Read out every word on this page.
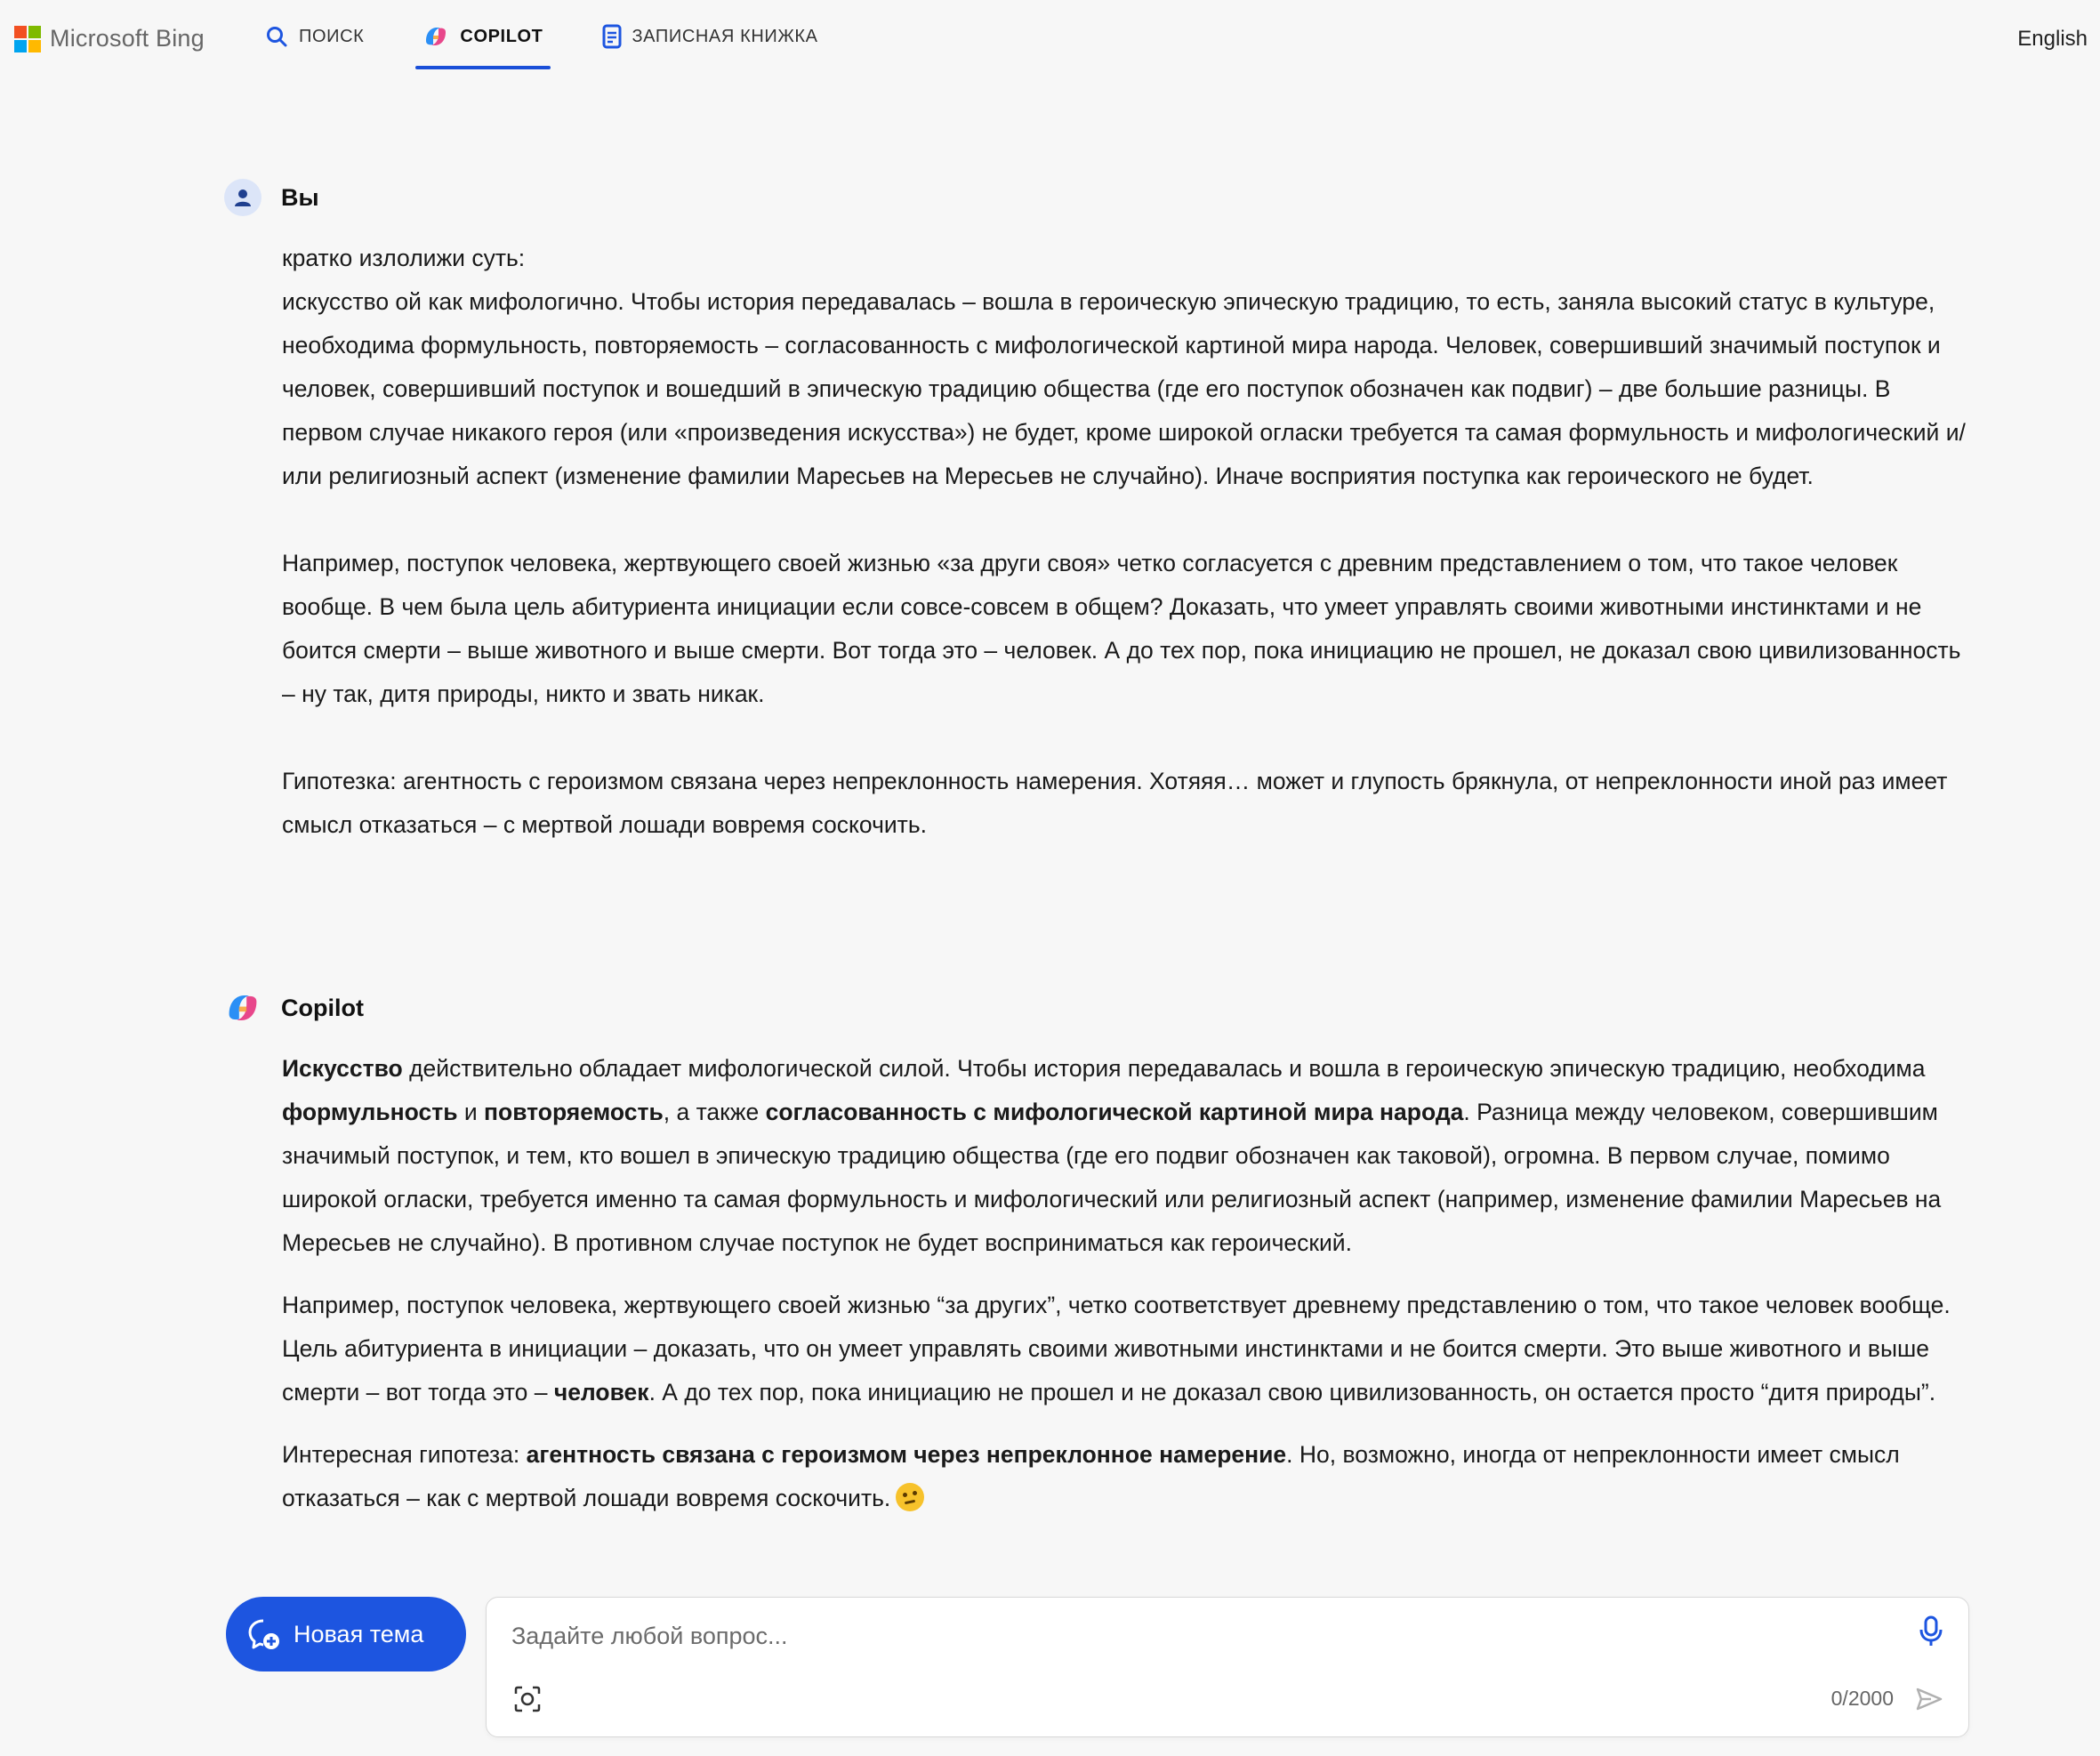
Microsoft Bing	ПОИСК	COPILOT	ЗАПИСНАЯ КНИЖКА	English
Вы

кратко излолижи суть:

искусство ой как мифологично. Чтобы история передавалась – вошла в героическую эпическую традицию, то есть, заняла высокий статус в культуре, необходима формульность, повторяемость – согласованность с мифологической картиной мира народа. Человек, совершивший значимый поступок и человек, совершивший поступок и вошедший в эпическую традицию общества (где его поступок обозначен как подвиг) – две большие разницы. В первом случае никакого героя (или «произведения искусства») не будет, кроме широкой огласки требуется та самая формульность и мифологический и/или религиозный аспект (изменение фамилии Маресьев на Мересьев не случайно). Иначе восприятия поступка как героического не будет.

Например, поступок человека, жертвующего своей жизнью «за други своя» четко согласуется с древним представлением о том, что такое человек вообще. В чем была цель абитуриента инициации если совсе-совсем в общем? Доказать, что умеет управлять своими животными инстинктами и не боится смерти – выше животного и выше смерти. Вот тогда это – человек. А до тех пор, пока инициацию не прошел, не доказал свою цивилизованность – ну так, дитя природы, никто и звать никак.

Гипотезка: агентность с героизмом связана через непреклонность намерения. Хотяяя… может и глупость брякнула, от непреклонности иной раз имеет смысл отказаться – с мертвой лошади вовремя соскочить.

Copilot

Искусство действительно обладает мифологической силой. Чтобы история передавалась и вошла в героическую эпическую традицию, необходима формульность и повторяемость, а также согласованность с мифологической картиной мира народа. Разница между человеком, совершившим значимый поступок, и тем, кто вошел в эпическую традицию общества (где его подвиг обозначен как таковой), огромна. В первом случае, помимо широкой огласки, требуется именно та самая формульность и мифологический или религиозный аспект (например, изменение фамилии Маресьев на Мересьев не случайно). В противном случае поступок не будет восприниматься как героический.

Например, поступок человека, жертвующего своей жизнью “за других”, четко соответствует древнему представлению о том, что такое человек вообще. Цель абитуриента в инициации – доказать, что он умеет управлять своими животными инстинктами и не боится смерти. Это выше животного и выше смерти – вот тогда это – человек. А до тех пор, пока инициацию не прошел и не доказал свою цивилизованность, он остается просто “дитя природы”.

Интересная гипотеза: агентность связана с героизмом через непреклонное намерение. Но, возможно, иногда от непреклонности имеет смысл отказаться – как с мертвой лошади вовремя соскочить.

Новая тема
Задайте любой вопрос...
0/2000
